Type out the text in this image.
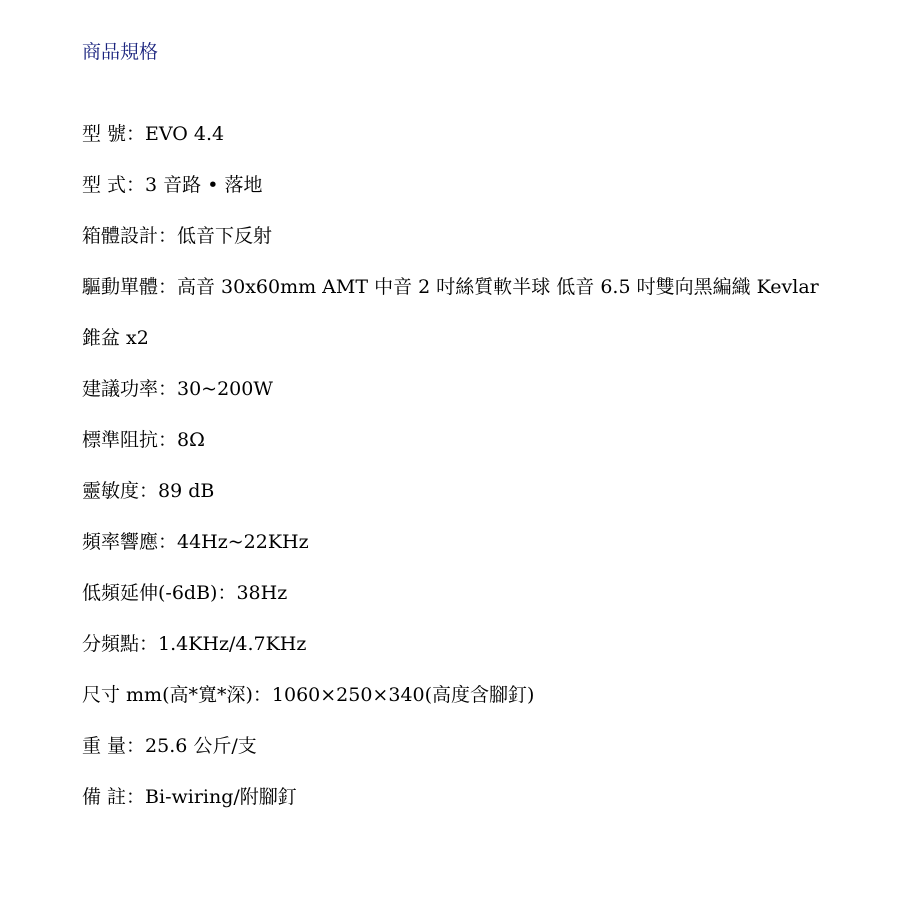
商品規格
型 號：EVO 4.4
型 式：3 音路 • 落地
箱體設計：低音下反射
驅動單體：高音 30x60mm AMT 中音 2 吋絲質軟半球 低音 6.5 吋雙向黑編織 Kevlar 錐盆 x2
建議功率：30~200W
標準阻抗：8Ω
靈敏度：89 dB
頻率響應：44Hz~22KHz
低頻延伸(-6dB)：38Hz
分頻點：1.4KHz/4.7KHz
尺寸 mm(高*寬*深)：1060×250×340(高度含腳釘)
重 量：25.6 公斤/支
備 註：Bi-wiring/附腳釘
